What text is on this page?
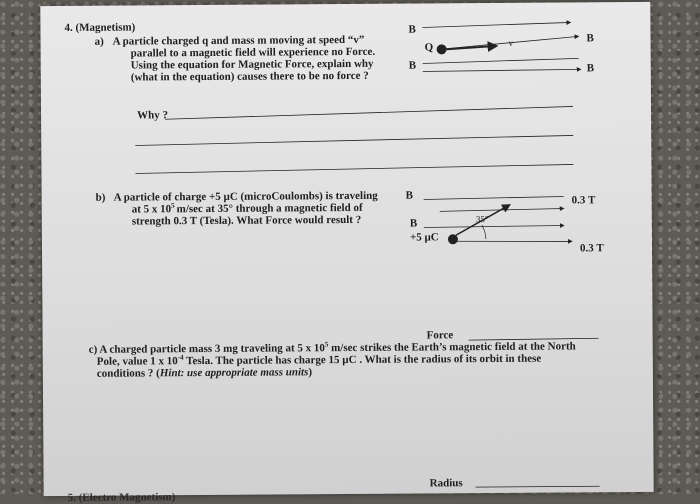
4. (Magnetism)
a) A particle charged q and mass m moving at speed “v”
parallel to a magnetic field will experience no Force.
Using the equation for Magnetic Force, explain why
(what in the equation) causes there to be no force ?
B
Q
B
B
B
Why ?
b) A particle of charge +5 µC (microCoulombs) is traveling
at 5 x $10^5$ m/sec at 35° through a magnetic field of
strength 0.3 T (Tesla). What Force would result ?
B
B
+5 µC
35°
0.3 T
0.3 T
Force
c) A charged particle mass 3 mg traveling at 5 x $10^5$ m/sec strikes the Earth’s magnetic field at the North
Pole, value 1 x $10^{-4}$ Tesla. The particle has charge 15 µC . What is the radius of its orbit in these
conditions ? (Hint: use appropriate mass units)
Radius
5. (Electro Magnetism)
